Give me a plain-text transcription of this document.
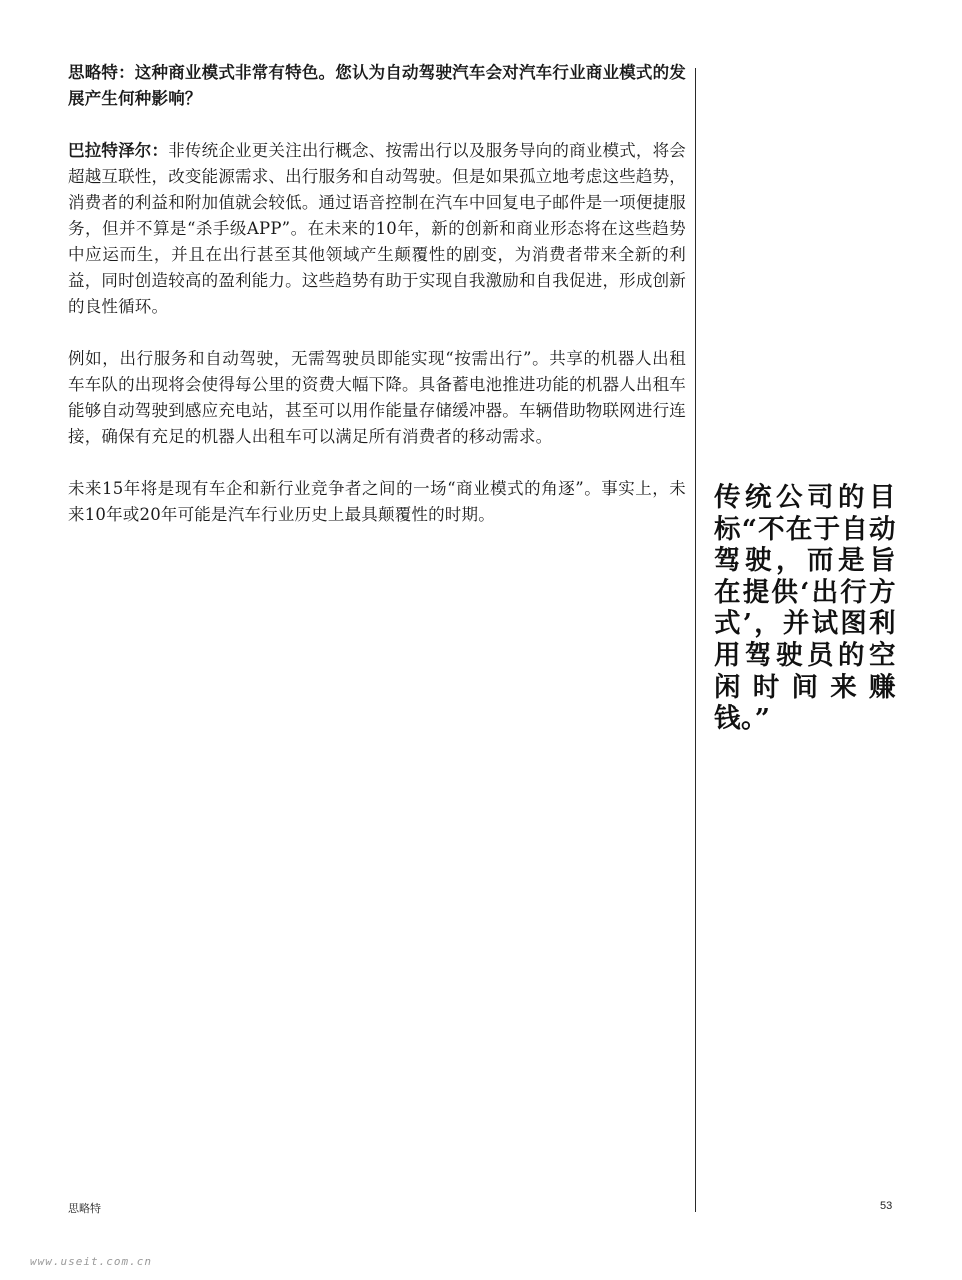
思略特：这种商业模式非常有特色。您认为自动驾驶汽车会对汽车行业商业模式的发展产生何种影响？

巴拉特泽尔：非传统企业更关注出行概念、按需出行以及服务导向的商业模式，将会超越互联性，改变能源需求、出行服务和自动驾驶。但是如果孤立地考虑这些趋势，消费者的利益和附加值就会较低。通过语音控制在汽车中回复电子邮件是一项便捷服务，但并不算是“杀手级APP”。在未来的10年，新的创新和商业形态将在这些趋势中应运而生，并且在出行甚至其他领域产生颠覆性的剧变，为消费者带来全新的利益，同时创造较高的盈利能力。这些趋势有助于实现自我激励和自我促进，形成创新的良性循环。

例如，出行服务和自动驾驶，无需驾驶员即能实现“按需出行”。共享的机器人出租车车队的出现将会使得每公里的资费大幅下降。具备蓄电池推进功能的机器人出租车能够自动驾驶到感应充电站，甚至可以用作能量存储缓冲器。车辆借助物联网进行连接，确保有充足的机器人出租车可以满足所有消费者的移动需求。

未来15年将是现有车企和新行业竞争者之间的一场“商业模式的角逐”。事实上，未来10年或20年可能是汽车行业历史上最具颠覆性的时期。

传统公司的目标“不在于自动驾驶，而是旨在提供‘出行方式’，并试图利用驾驶员的空闲时间来赚钱。”
思略特	53
www.useit.com.cn
